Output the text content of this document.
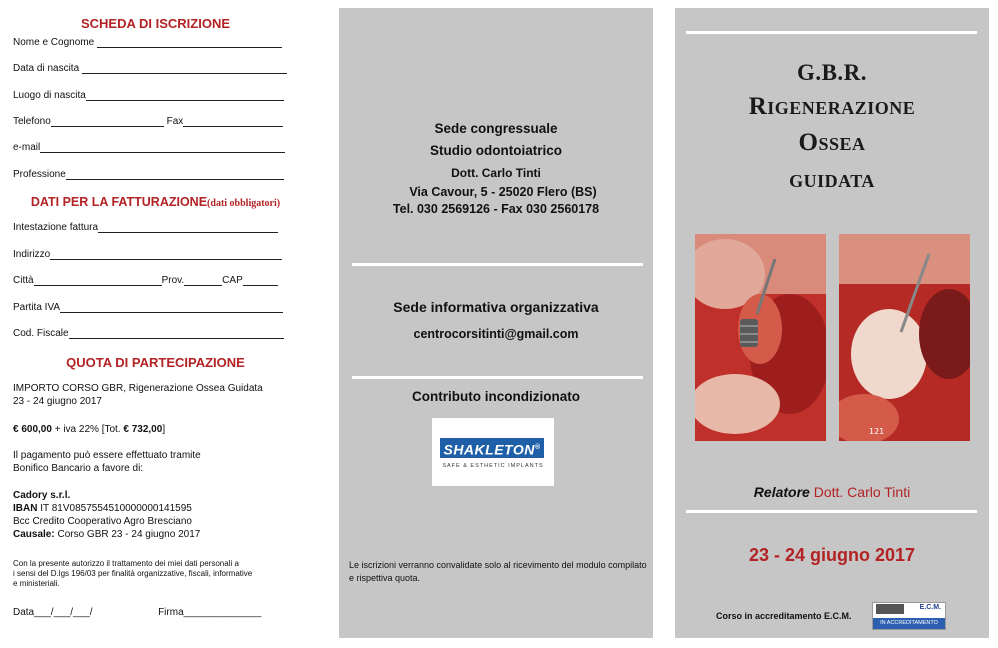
SCHEDA DI ISCRIZIONE
Nome e Cognome
Data di nascita
Luogo di nascita
Telefono	Fax
e-mail
Professione
DATI PER LA FATTURAZIONE(dati obbligatori)
Intestazione fattura
Indirizzo
Città	Prov.	CAP
Partita IVA
Cod. Fiscale
QUOTA DI PARTECIPAZIONE
IMPORTO CORSO GBR, Rigenerazione Ossea Guidata
23 - 24 giugno 2017
€ 600,00 + iva 22% [Tot. € 732,00]
Il pagamento può essere effettuato tramite
Bonifico Bancario a favore di:
Cadory s.r.l.
IBAN IT 81V0857554510000000141595
Bcc Credito Cooperativo Agro Bresciano
Causale: Corso GBR 23 - 24 giugno 2017
Con la presente autorizzo il trattamento dei miei dati personali a
i sensi del D.lgs 196/03 per finalità organizzative, fiscali, informative
e ministeriali.
Data___/___/___/	Firma______________
Sede congressuale
Studio odontoiatrico
Dott. Carlo Tinti
Via Cavour, 5 - 25020 Flero (BS)
Tel. 030 2569126 - Fax 030 2560178
Sede informativa organizzativa
centrocorsitinti@gmail.com
Contributo incondizionato
SHAKLETON®
SAFE & ESTHETIC IMPLANTS
Le iscrizioni verranno convalidate solo al ricevimento del modulo compilato e rispettiva quota.
G.B.R.
Rigenerazione
Ossea
guidata
121
Relatore Dott. Carlo Tinti
23 - 24 giugno 2017
Corso in accreditamento E.C.M.
E.C.M.
IN ACCREDITAMENTO
